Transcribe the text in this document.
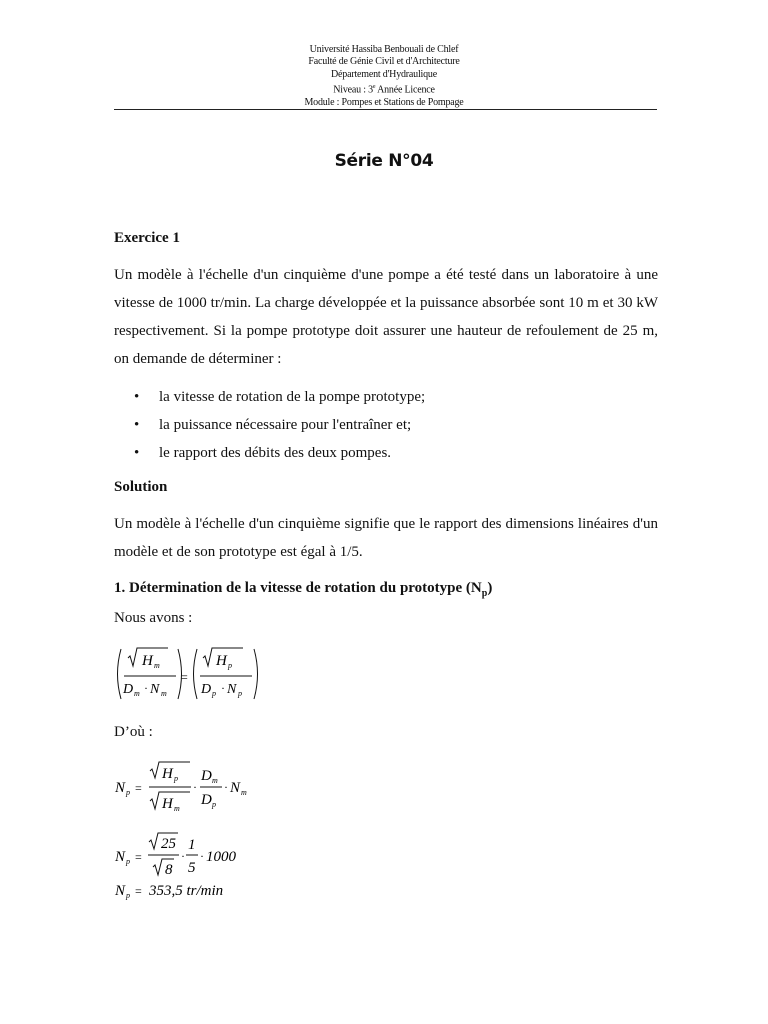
Université Hassiba Benbouali de Chlef
Faculté de Génie Civil et d'Architecture
Département d'Hydraulique
Niveau : 3e Année Licence
Module : Pompes et Stations de Pompage
Série N°04
Exercice 1
Un modèle à l'échelle d'un cinquième d'une pompe a été testé dans un laboratoire à une vitesse de 1000 tr/min. La charge développée et la puissance absorbée sont 10 m et 30 kW respectivement. Si la pompe prototype doit assurer une hauteur de refoulement de 25 m, on demande de déterminer :
• la vitesse de rotation de la pompe prototype;
• la puissance nécessaire pour l'entraîner et;
• le rapport des débits des deux pompes.
Solution
Un modèle à l'échelle d'un cinquième signifie que le rapport des dimensions linéaires d'un modèle et de son prototype est égal à 1/5.
1. Détermination de la vitesse de rotation du prototype $(N_p)$
Nous avons :
H m
D m · N m
=
H p
D p · N p
D’où :
N p =
H p
H m
·
D m
D p
· N m
N p =
25
8
·
1
5
· 1000
N p = 353,5 tr/min
